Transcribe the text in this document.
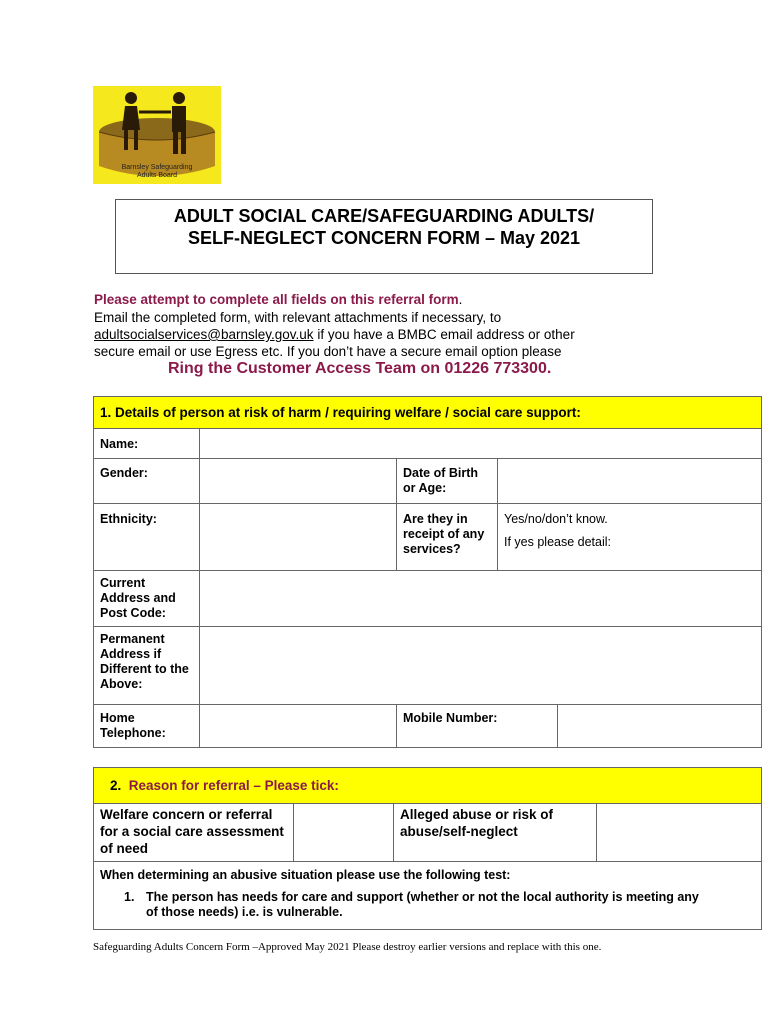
Barnsley Safeguarding
Adults Board
ADULT SOCIAL CARE/SAFEGUARDING ADULTS/
SELF-NEGLECT CONCERN FORM – May 2021
Please attempt to complete all fields on this referral form.
Email the completed form, with relevant attachments if necessary, to
adultsocialservices@barnsley.gov.uk if you have a BMBC email address or other
secure email or use Egress etc. If you don’t have a secure email option please
Ring the Customer Access Team on 01226 773300.
1. Details of person at risk of harm / requiring welfare / social care support:				
Name:				
Gender:		Date of Birth or Age:		
Ethnicity:		Are they in receipt of any services?	Yes/no/don’t know.
If yes please detail:	

Current Address and Post Code:				
Permanent Address if Different to the Above:				
Home Telephone:		Mobile Number:		
2. Reason for referral – Please tick:
Welfare concern or referral for a social care assessment of need		Alleged abuse or risk of abuse/self-neglect	

When determining an abusive situation please use the following test:
1. The person has needs for care and support (whether or not the local authority is meeting any of those needs) i.e. is vulnerable.
Safeguarding Adults Concern Form –Approved May 2021 Please destroy earlier versions and replace with this one.
